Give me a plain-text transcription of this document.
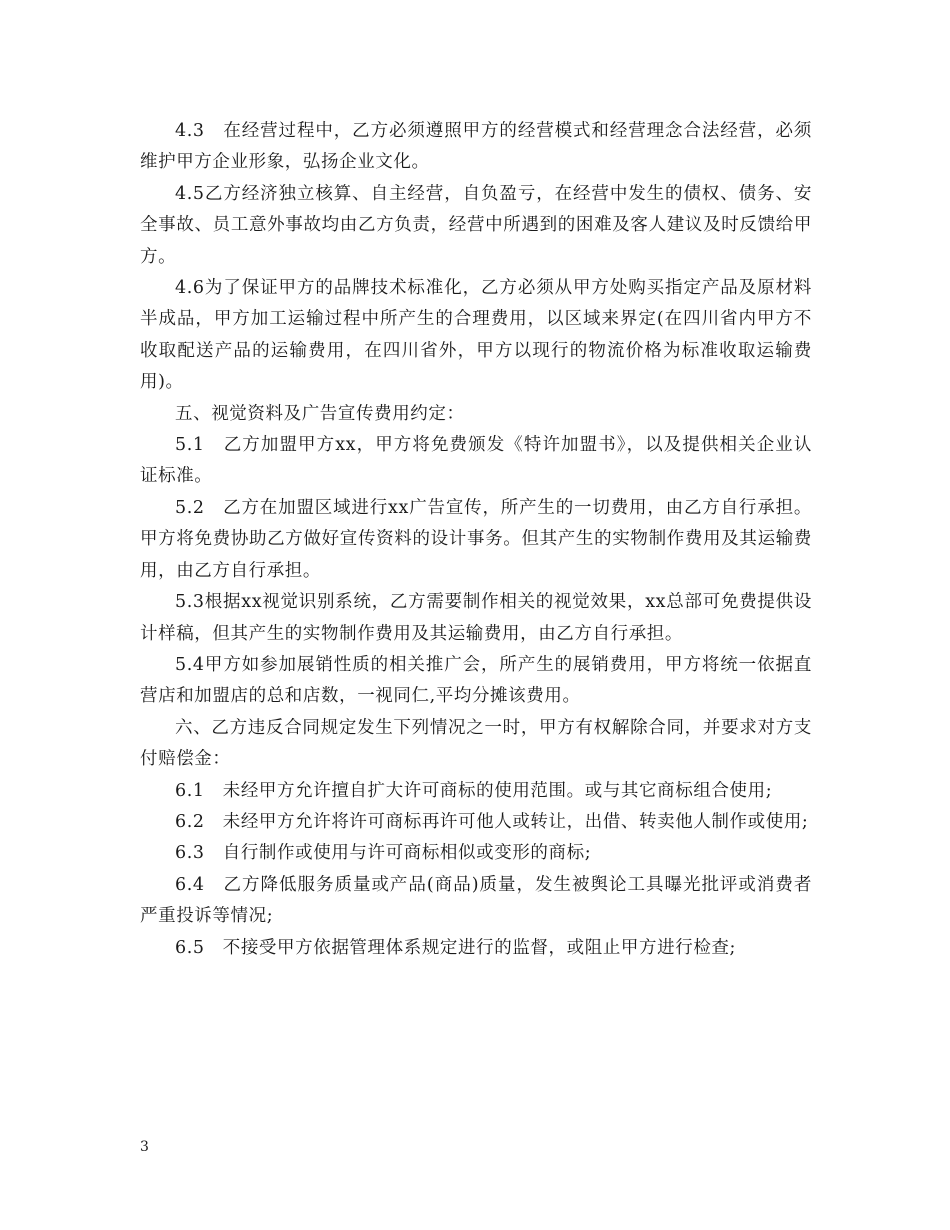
4.3　在经营过程中，乙方必须遵照甲方的经营模式和经营理念合法经营，必须维护甲方企业形象，弘扬企业文化。

4.5乙方经济独立核算、自主经营，自负盈亏，在经营中发生的债权、债务、安全事故、员工意外事故均由乙方负责，经营中所遇到的困难及客人建议及时反馈给甲方。

4.6为了保证甲方的品牌技术标准化，乙方必须从甲方处购买指定产品及原材料半成品，甲方加工运输过程中所产生的合理费用，以区域来界定(在四川省内甲方不收取配送产品的运输费用，在四川省外，甲方以现行的物流价格为标准收取运输费用)。

五、视觉资料及广告宣传费用约定：

5.1　乙方加盟甲方xx，甲方将免费颁发《特许加盟书》，以及提供相关企业认证标准。

5.2　乙方在加盟区域进行xx广告宣传，所产生的一切费用，由乙方自行承担。甲方将免费协助乙方做好宣传资料的设计事务。但其产生的实物制作费用及其运输费用，由乙方自行承担。

5.3根据xx视觉识别系统，乙方需要制作相关的视觉效果，xx总部可免费提供设计样稿，但其产生的实物制作费用及其运输费用，由乙方自行承担。

5.4甲方如参加展销性质的相关推广会，所产生的展销费用，甲方将统一依据直营店和加盟店的总和店数，一视同仁,平均分摊该费用。

六、乙方违反合同规定发生下列情况之一时，甲方有权解除合同，并要求对方支付赔偿金：

6.1　未经甲方允许擅自扩大许可商标的使用范围。或与其它商标组合使用;

6.2　未经甲方允许将许可商标再许可他人或转让，出借、转卖他人制作或使用;

6.3　自行制作或使用与许可商标相似或变形的商标;

6.4　乙方降低服务质量或产品(商品)质量，发生被舆论工具曝光批评或消费者严重投诉等情况;

6.5　不接受甲方依据管理体系规定进行的监督，或阻止甲方进行检查;

3
